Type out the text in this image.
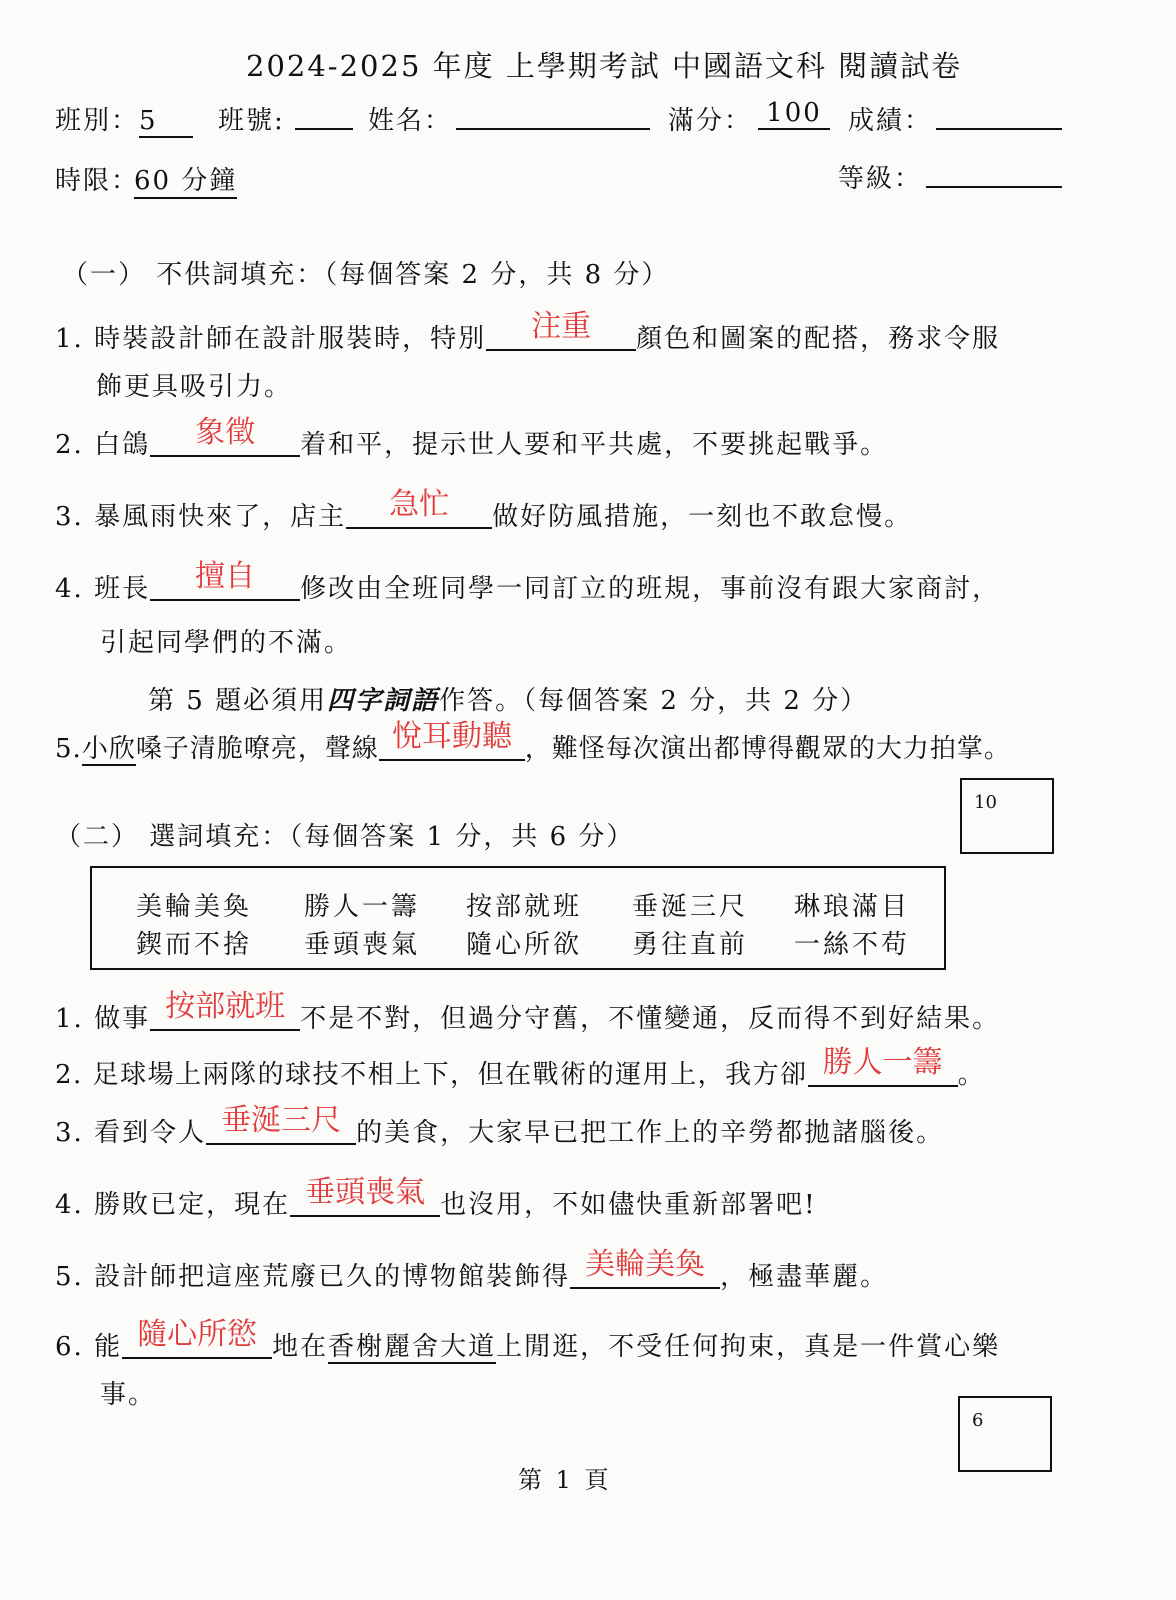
2024-2025 年度 上學期考試 中國語文科 閱讀試卷
班別：5	班號:	姓名：	滿分： 100	成績：
時限：
60 分鐘	等級：
（一） 不供詞填充：（每個答案 2 分，共 8 分）
1. 時裝設計師在設計服裝時，特別	注重	顏色和圖案的配搭，務求令服
飾更具吸引力。
2. 白鴿	象徵	着和平，提示世人要和平共處，不要挑起戰爭。
3. 暴風雨快來了，店主	急忙	做好防風措施，一刻也不敢怠慢。
4. 班長	擅自	修改由全班同學一同訂立的班規，事前沒有跟大家商討，
引起同學們的不滿。
第 5 題必須用四字詞語作答。（每個答案 2 分，共 2 分）
5.小欣嗓子清脆嘹亮，聲線 悅耳動聽 ，難怪每次演出都博得觀眾的大力拍掌。
10
（二） 選詞填充：（每個答案 1 分，共 6 分）
美輪美奐 勝人一籌 按部就班 垂涎三尺 琳琅滿目
鍥而不捨 垂頭喪氣 隨心所欲 勇往直前 一絲不苟
1. 做事 按部就班 不是不對，但過分守舊，不懂變通，反而得不到好結果。
2. 足球場上兩隊的球技不相上下，但在戰術的運用上，我方卻 勝人一籌 。
3. 看到令人 垂涎三尺 的美食，大家早已把工作上的辛勞都拋諸腦後。
4. 勝敗已定，現在 垂頭喪氣 也沒用，不如儘快重新部署吧!
5. 設計師把這座荒廢已久的博物館裝飾得 美輪美奐 ，極盡華麗。
6. 能 隨心所慾 地在香榭麗舍大道上閒逛，不受任何拘束，真是一件賞心樂
事。
6
第 1 頁
